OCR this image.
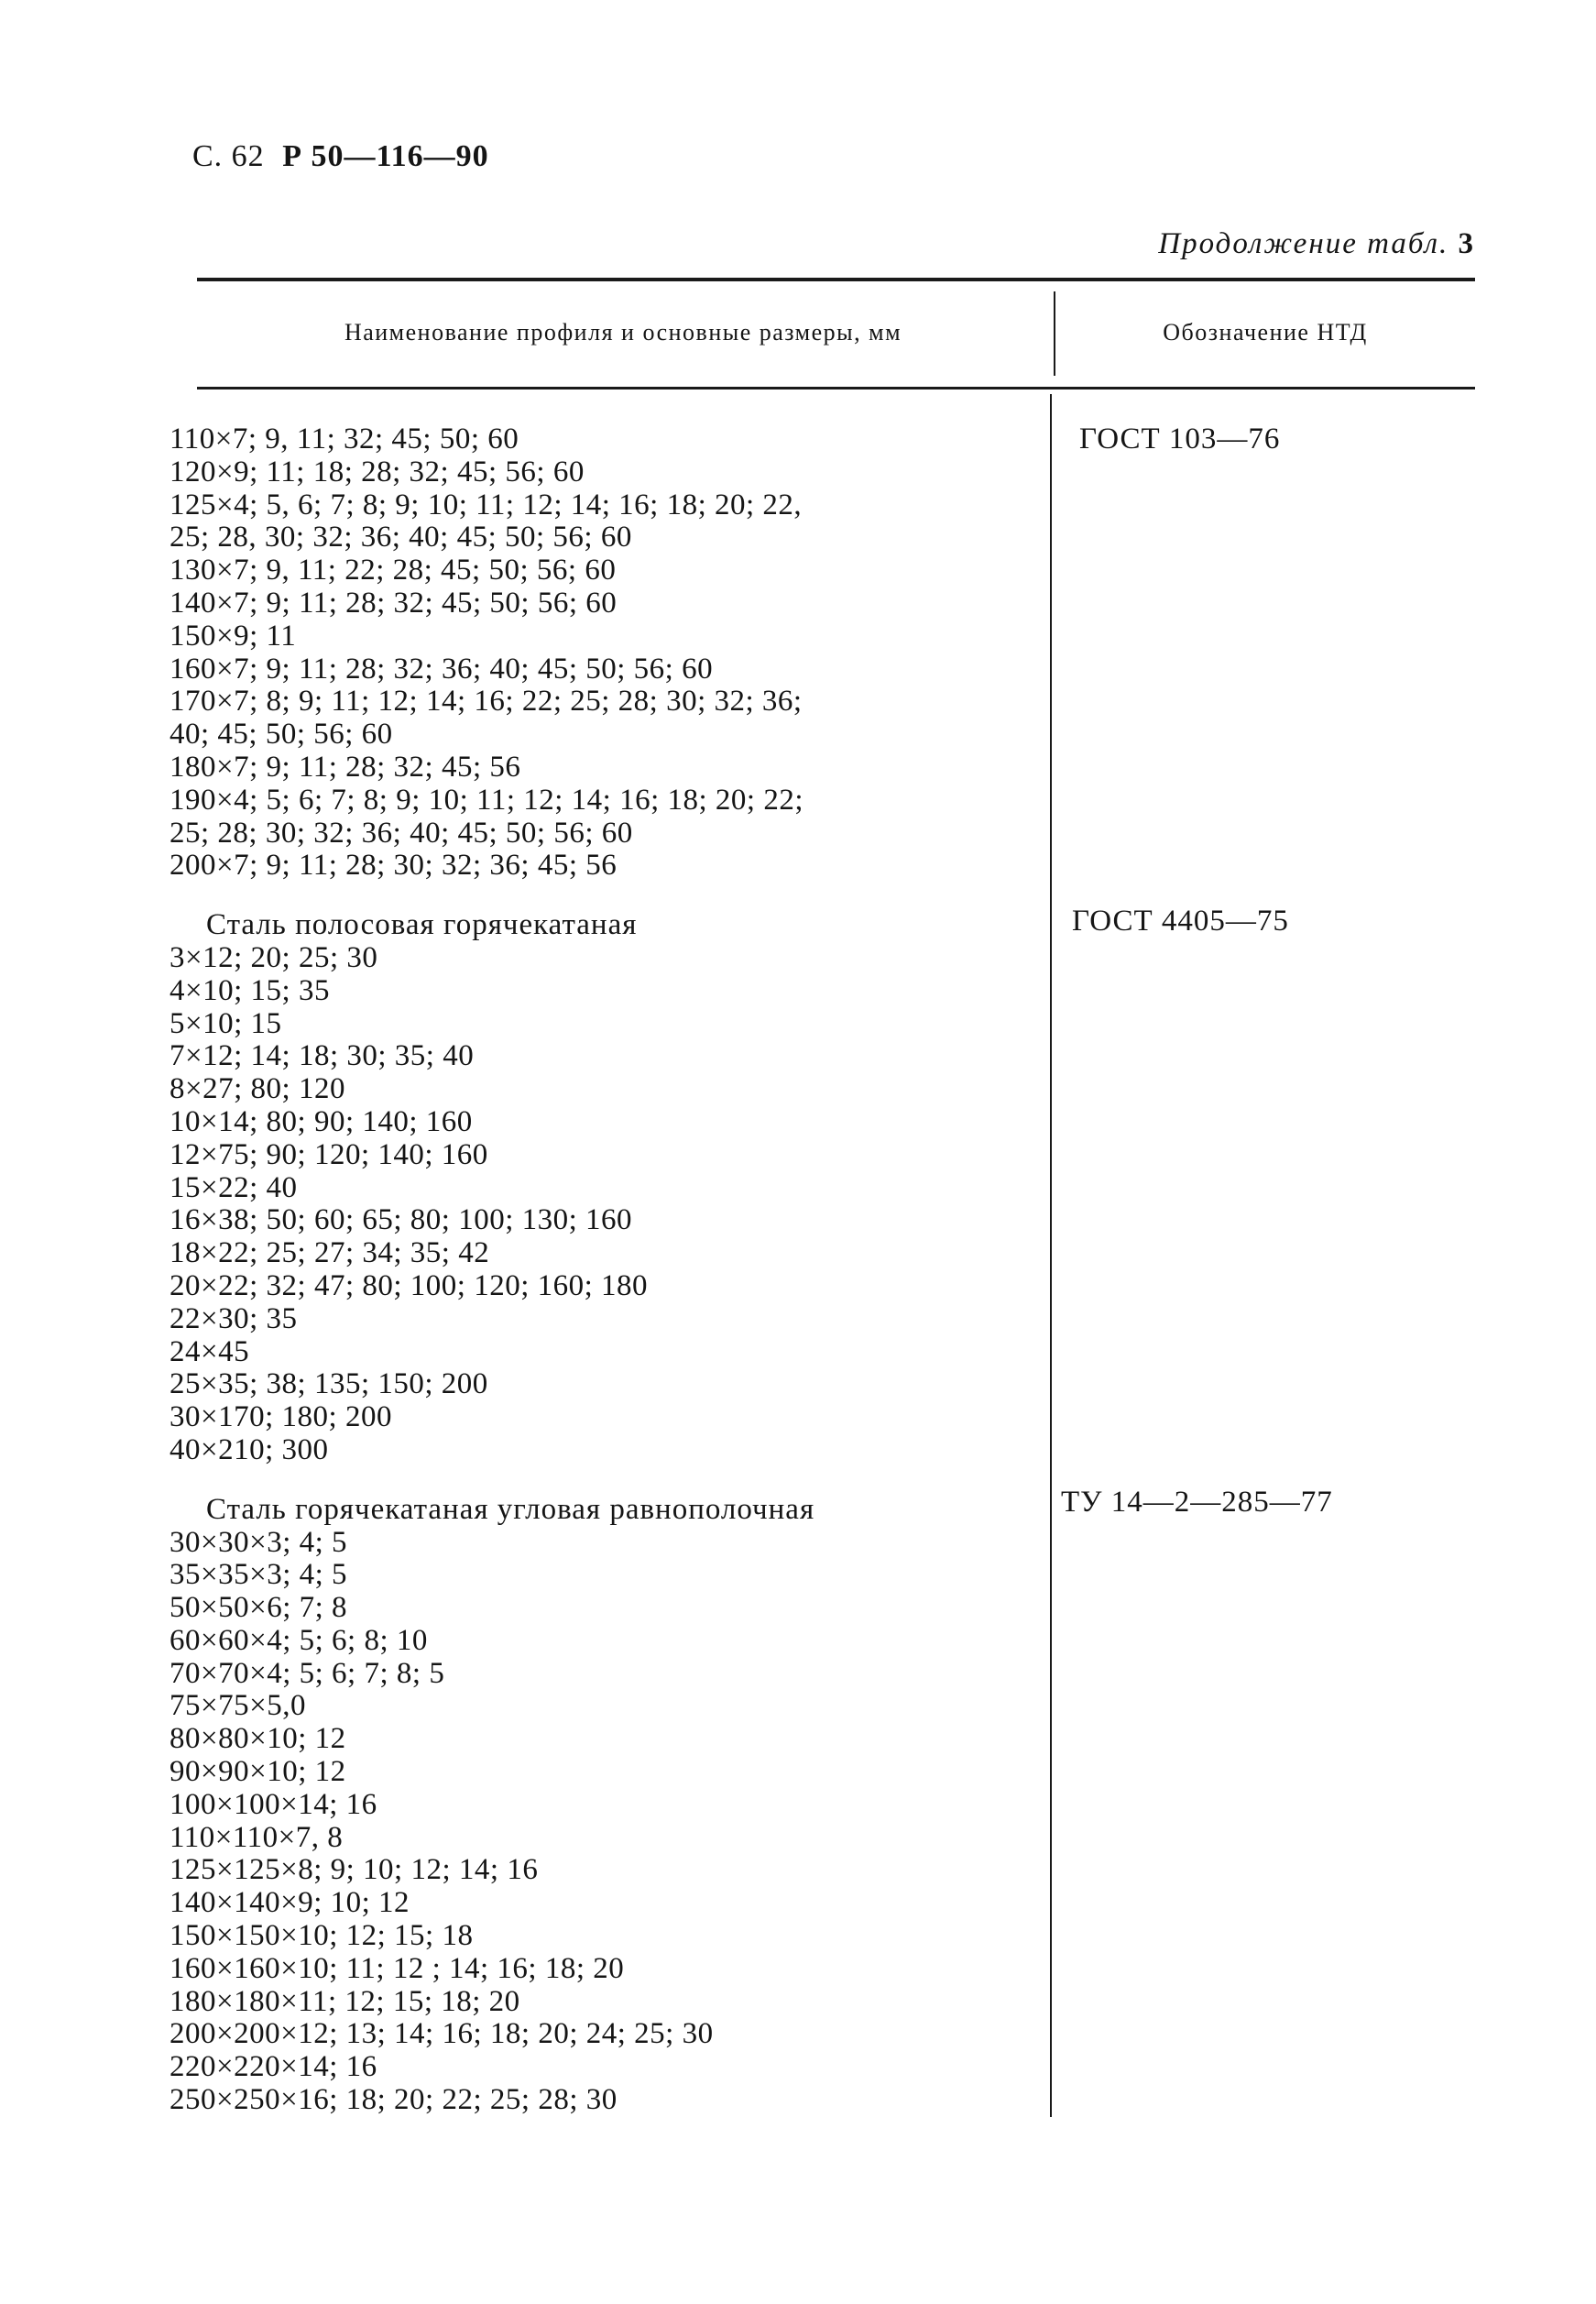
С. 62 Р 50—116—90
Продолжение табл. 3
Наименование профиля и основные размеры, мм	Обозначение НТД
110×7; 9, 11; 32; 45; 50; 60
120×9; 11; 18; 28; 32; 45; 56; 60
125×4; 5, 6; 7; 8; 9; 10; 11; 12; 14; 16; 18; 20; 22,
25; 28, 30; 32; 36; 40; 45; 50; 56; 60
130×7; 9, 11; 22; 28; 45; 50; 56; 60
140×7; 9; 11; 28; 32; 45; 50; 56; 60
150×9; 11
160×7; 9; 11; 28; 32; 36; 40; 45; 50; 56; 60
170×7; 8; 9; 11; 12; 14; 16; 22; 25; 28; 30; 32; 36;
40; 45; 50; 56; 60
180×7; 9; 11; 28; 32; 45; 56
190×4; 5; 6; 7; 8; 9; 10; 11; 12; 14; 16; 18; 20; 22;
25; 28; 30; 32; 36; 40; 45; 50; 56; 60
200×7; 9; 11; 28; 30; 32; 36; 45; 56
Сталь полосовая горячекатаная
3×12; 20; 25; 30
4×10; 15; 35
5×10; 15
7×12; 14; 18; 30; 35; 40
8×27; 80; 120
10×14; 80; 90; 140; 160
12×75; 90; 120; 140; 160
15×22; 40
16×38; 50; 60; 65; 80; 100; 130; 160
18×22; 25; 27; 34; 35; 42
20×22; 32; 47; 80; 100; 120; 160; 180
22×30; 35
24×45
25×35; 38; 135; 150; 200
30×170; 180; 200
40×210; 300
Сталь горячекатаная угловая равнополочная
30×30×3; 4; 5
35×35×3; 4; 5
50×50×6; 7; 8
60×60×4; 5; 6; 8; 10
70×70×4; 5; 6; 7; 8; 5
75×75×5,0
80×80×10; 12
90×90×10; 12
100×100×14; 16
110×110×7, 8
125×125×8; 9; 10; 12; 14; 16
140×140×9; 10; 12
150×150×10; 12; 15; 18
160×160×10; 11; 12 ; 14; 16; 18; 20
180×180×11; 12; 15; 18; 20
200×200×12; 13; 14; 16; 18; 20; 24; 25; 30
220×220×14; 16
250×250×16; 18; 20; 22; 25; 28; 30
ГОСТ 103—76
ГОСТ 4405—75
ТУ 14—2—285—77
